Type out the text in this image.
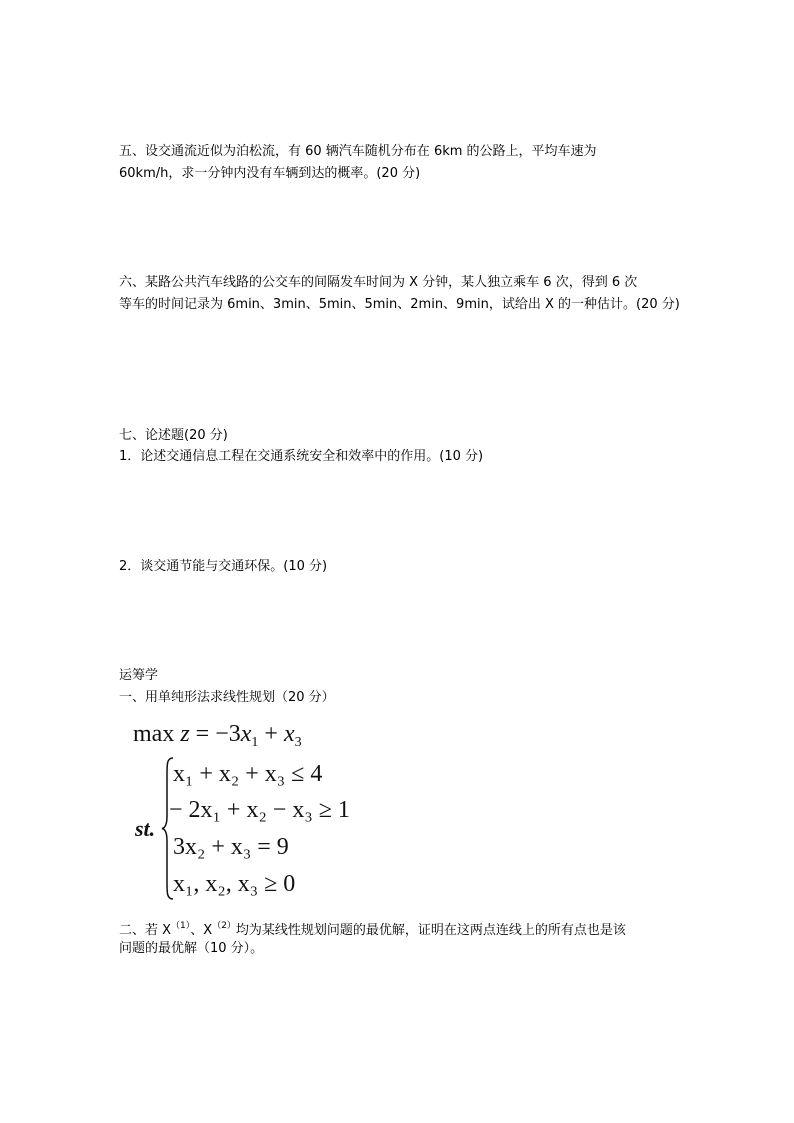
五、设交通流近似为泊松流，有 60 辆汽车随机分布在 6km 的公路上，平均车速为
60km/h，求一分钟内没有车辆到达的概率。(20 分)
六、某路公共汽车线路的公交车的间隔发车时间为 X 分钟，某人独立乘车 6 次，得到 6 次
等车的时间记录为 6min、3min、5min、5min、2min、9min，试给出 X 的一种估计。(20 分)
七、论述题(20 分)
1．论述交通信息工程在交通系统安全和效率中的作用。(10 分)
2．谈交通节能与交通环保。(10 分)
运筹学
一、用单纯形法求线性规划（20 分）
$\max z = -3x_1 + x_3$
st.
x₁ + x₂ + x₃ ≤ 4
− 2x₁ + x₂ − x₃ ≥ 1
3x₂ + x₃ = 9
x₁, x₂, x₃ ≥ 0
二、若 $X^{(1)}$、$X^{(2)}$均为某线性规划问题的最优解，证明在这两点连线上的所有点也是该
问题的最优解（10 分）。
